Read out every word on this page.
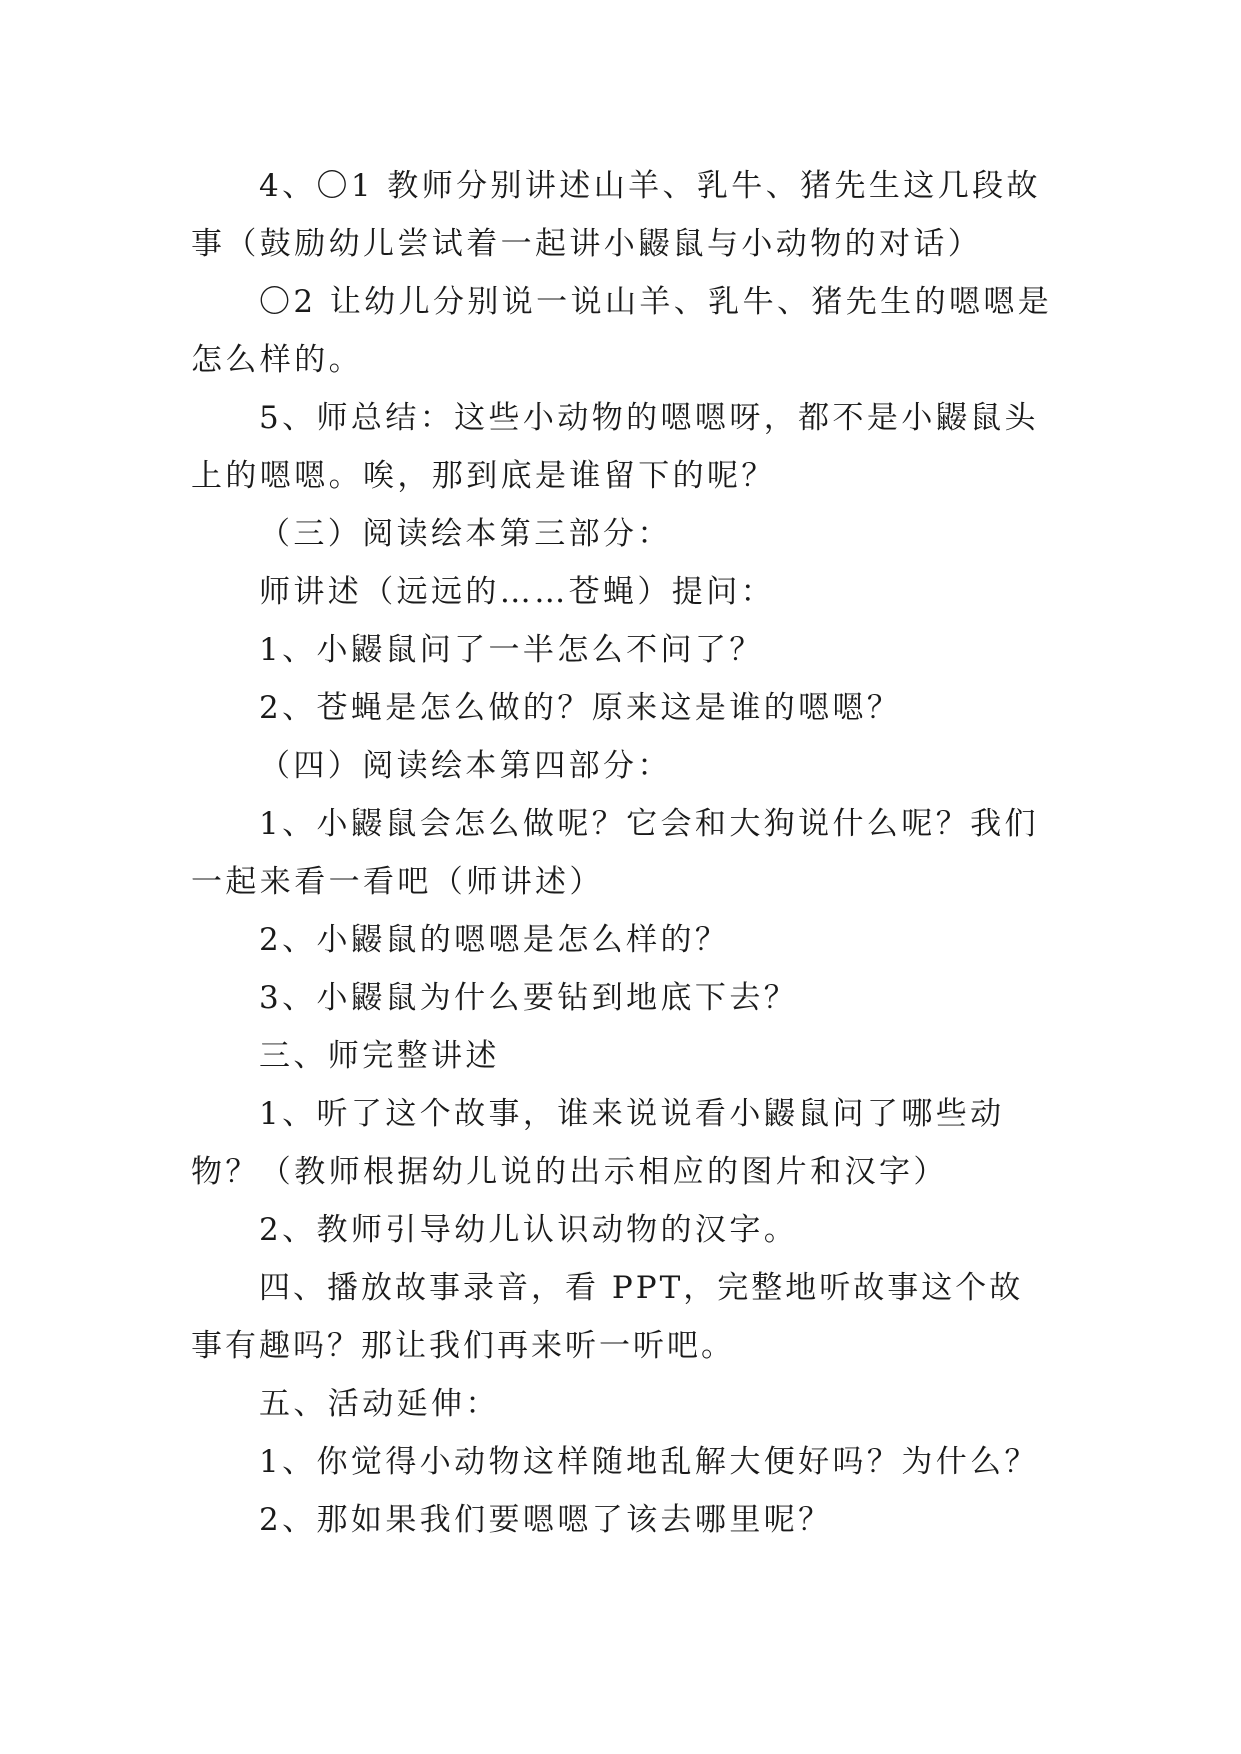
4、〇1 教师分别讲述山羊、乳牛、猪先生这几段故事（鼓励幼儿尝试着一起讲小鼹鼠与小动物的对话）

〇2 让幼儿分别说一说山羊、乳牛、猪先生的嗯嗯是怎么样的。

5、师总结：这些小动物的嗯嗯呀，都不是小鼹鼠头上的嗯嗯。唉，那到底是谁留下的呢？

（三）阅读绘本第三部分：

师讲述（远远的……苍蝇）提问：

1、小鼹鼠问了一半怎么不问了？

2、苍蝇是怎么做的？原来这是谁的嗯嗯？

（四）阅读绘本第四部分：

1、小鼹鼠会怎么做呢？它会和大狗说什么呢？我们一起来看一看吧（师讲述）

2、小鼹鼠的嗯嗯是怎么样的？

3、小鼹鼠为什么要钻到地底下去？

三、师完整讲述

1、听了这个故事，谁来说说看小鼹鼠问了哪些动物？（教师根据幼儿说的出示相应的图片和汉字）

2、教师引导幼儿认识动物的汉字。

四、播放故事录音，看 PPT，完整地听故事这个故事有趣吗？那让我们再来听一听吧。

五、活动延伸：

1、你觉得小动物这样随地乱解大便好吗？为什么？

2、那如果我们要嗯嗯了该去哪里呢？
